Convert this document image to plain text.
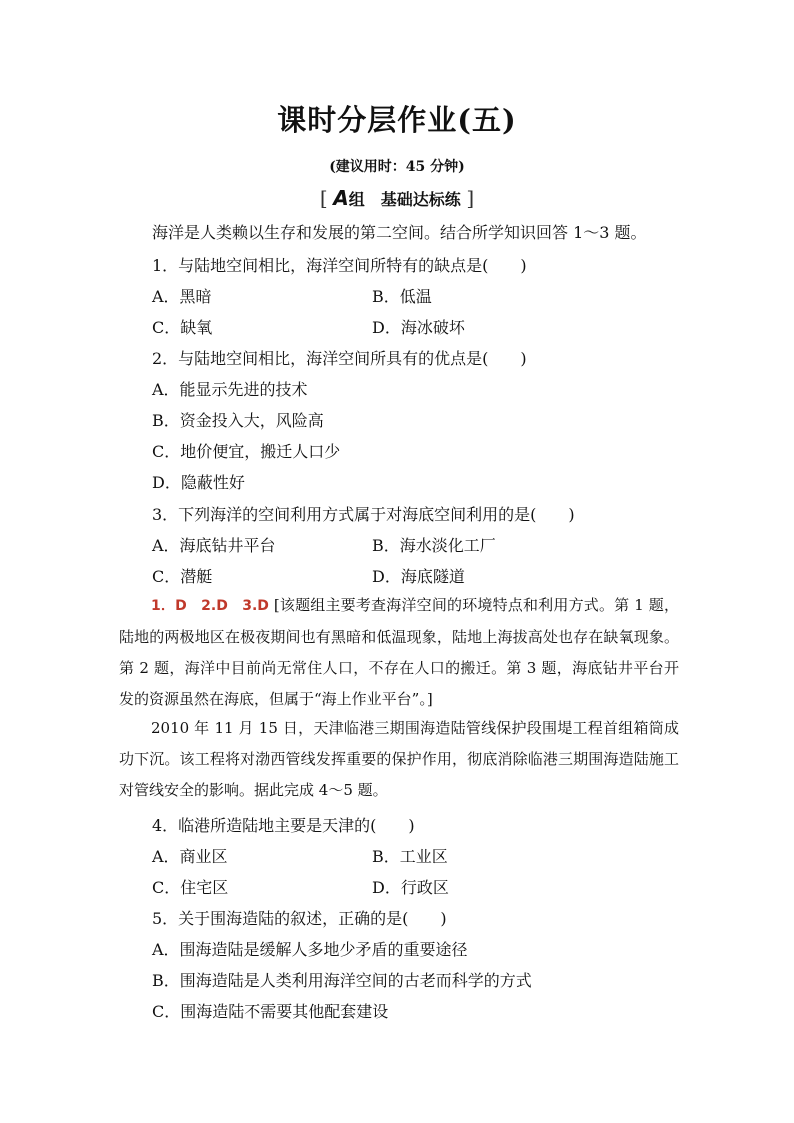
课时分层作业(五)
(建议用时：45 分钟)
[ A组　基础达标练 ]
海洋是人类赖以生存和发展的第二空间。结合所学知识回答 1～3 题。
1．与陆地空间相比，海洋空间所特有的缺点是(　　)
A．黑暗	B．低温
C．缺氧	D．海冰破坏
2．与陆地空间相比，海洋空间所具有的优点是(　　)
A．能显示先进的技术
B．资金投入大，风险高
C．地价便宜，搬迁人口少
D．隐蔽性好
3．下列海洋的空间利用方式属于对海底空间利用的是(　　)
A．海底钻井平台	B．海水淡化工厂
C．潜艇	D．海底隧道
1．D　2.D　3.D [该题组主要考查海洋空间的环境特点和利用方式。第 1 题，陆地的两极地区在极夜期间也有黑暗和低温现象，陆地上海拔高处也存在缺氧现象。第 2 题，海洋中目前尚无常住人口，不存在人口的搬迁。第 3 题，海底钻井平台开发的资源虽然在海底，但属于“海上作业平台”。]
2010 年 11 月 15 日，天津临港三期围海造陆管线保护段围堤工程首组箱筒成功下沉。该工程将对渤西管线发挥重要的保护作用，彻底消除临港三期围海造陆施工对管线安全的影响。据此完成 4～5 题。
4．临港所造陆地主要是天津的(　　)
A．商业区	B．工业区
C．住宅区	D．行政区
5．关于围海造陆的叙述，正确的是(　　)
A．围海造陆是缓解人多地少矛盾的重要途径
B．围海造陆是人类利用海洋空间的古老而科学的方式
C．围海造陆不需要其他配套建设
